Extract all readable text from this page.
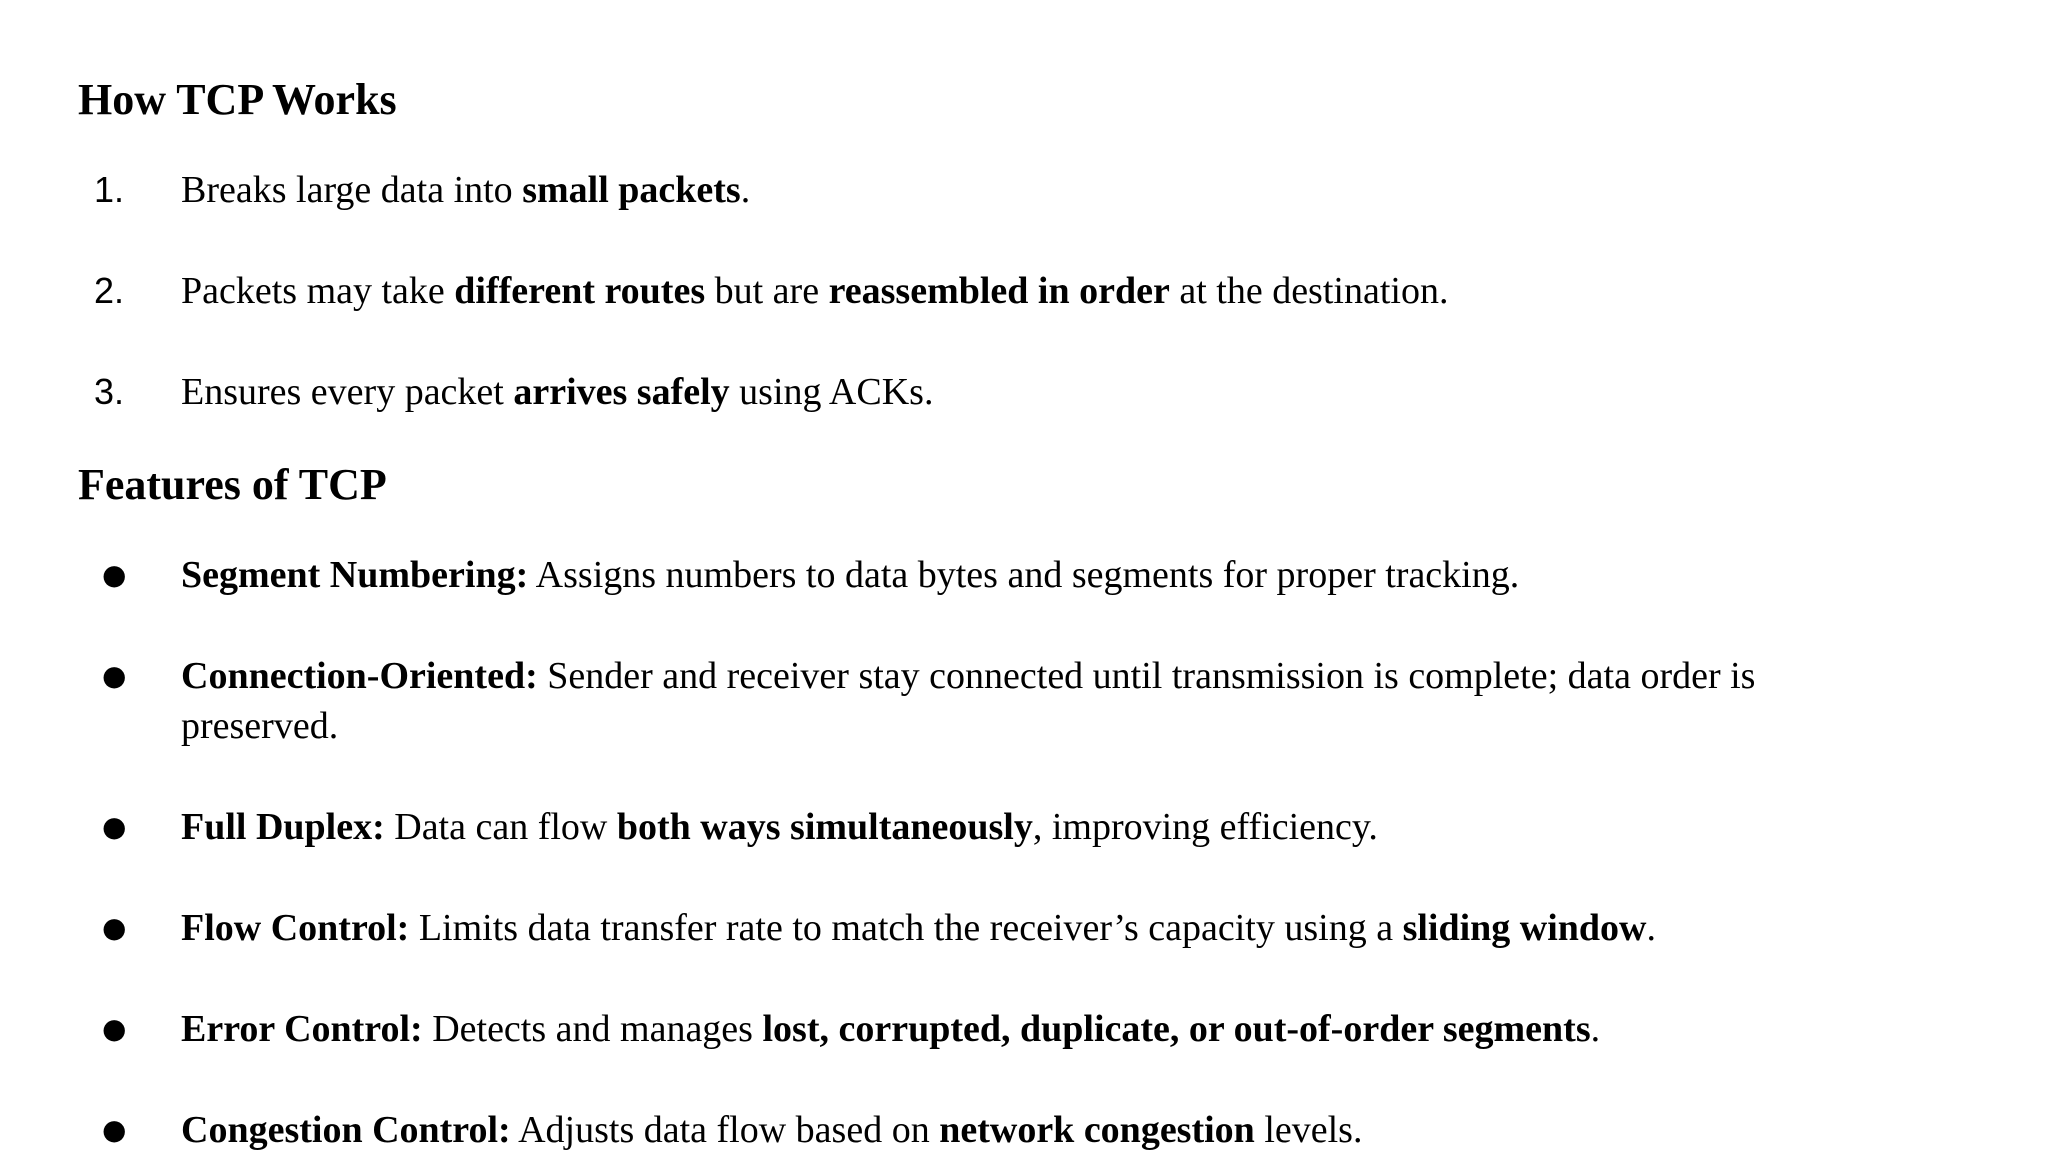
How TCP Works
1. Breaks large data into small packets.
2. Packets may take different routes but are reassembled in order at the destination.
3. Ensures every packet arrives safely using ACKs.
Features of TCP
● Segment Numbering: Assigns numbers to data bytes and segments for proper tracking.
● Connection-Oriented: Sender and receiver stay connected until transmission is complete; data order is preserved.
● Full Duplex: Data can flow both ways simultaneously, improving efficiency.
● Flow Control: Limits data transfer rate to match the receiver’s capacity using a sliding window.
● Error Control: Detects and manages lost, corrupted, duplicate, or out-of-order segments.
● Congestion Control: Adjusts data flow based on network congestion levels.
